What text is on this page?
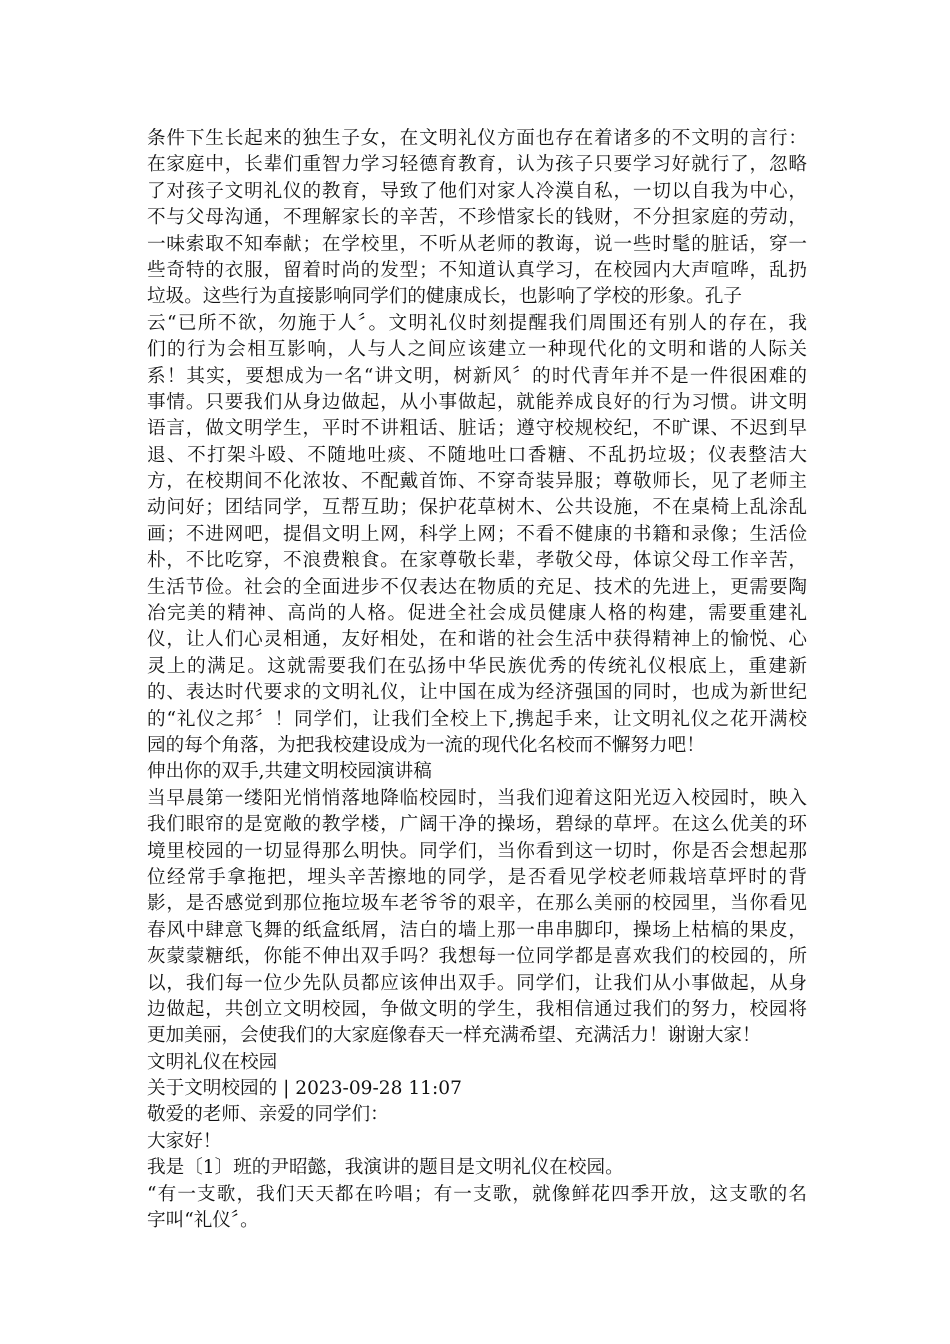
条件下生长起来的独生子女，在文明礼仪方面也存在着诸多的不文明的言行：
在家庭中，长辈们重智力学习轻德育教育，认为孩子只要学习好就行了，忽略
了对孩子文明礼仪的教育，导致了他们对家人冷漠自私，一切以自我为中心，
不与父母沟通，不理解家长的辛苦，不珍惜家长的钱财，不分担家庭的劳动，
一味索取不知奉献；在学校里，不听从老师的教诲，说一些时髦的脏话，穿一
些奇特的衣服，留着时尚的发型；不知道认真学习，在校园内大声喧哗，乱扔
垃圾。这些行为直接影响同学们的健康成长，也影响了学校的形象。孔子
云“已所不欲，勿施于人〞。文明礼仪时刻提醒我们周围还有别人的存在，我
们的行为会相互影响，人与人之间应该建立一种现代化的文明和谐的人际关
系！其实，要想成为一名“讲文明，树新风〞的时代青年并不是一件很困难的
事情。只要我们从身边做起，从小事做起，就能养成良好的行为习惯。讲文明
语言，做文明学生，平时不讲粗话、脏话；遵守校规校纪，不旷课、不迟到早
退、不打架斗殴、不随地吐痰、不随地吐口香糖、不乱扔垃圾；仪表整洁大
方，在校期间不化浓妆、不配戴首饰、不穿奇装异服；尊敬师长，见了老师主
动问好；团结同学，互帮互助；保护花草树木、公共设施，不在桌椅上乱涂乱
画；不进网吧，提倡文明上网，科学上网；不看不健康的书籍和录像；生活俭
朴，不比吃穿，不浪费粮食。在家尊敬长辈，孝敬父母，体谅父母工作辛苦，
生活节俭。社会的全面进步不仅表达在物质的充足、技术的先进上，更需要陶
冶完美的精神、高尚的人格。促进全社会成员健康人格的构建，需要重建礼
仪，让人们心灵相通，友好相处，在和谐的社会生活中获得精神上的愉悦、心
灵上的满足。这就需要我们在弘扬中华民族优秀的传统礼仪根底上，重建新
的、表达时代要求的文明礼仪，让中国在成为经济强国的同时，也成为新世纪
的“礼仪之邦〞！同学们，让我们全校上下,携起手来，让文明礼仪之花开满校
园的每个角落，为把我校建设成为一流的现代化名校而不懈努力吧！
伸出你的双手,共建文明校园演讲稿
当早晨第一缕阳光悄悄落地降临校园时，当我们迎着这阳光迈入校园时，映入
我们眼帘的是宽敞的教学楼，广阔干净的操场，碧绿的草坪。在这么优美的环
境里校园的一切显得那么明快。同学们，当你看到这一切时，你是否会想起那
位经常手拿拖把，埋头辛苦擦地的同学，是否看见学校老师栽培草坪时的背
影，是否感觉到那位拖垃圾车老爷爷的艰辛，在那么美丽的校园里，当你看见
春风中肆意飞舞的纸盒纸屑，洁白的墙上那一串串脚印，操场上枯槁的果皮，
灰蒙蒙糖纸，你能不伸出双手吗？我想每一位同学都是喜欢我们的校园的，所
以，我们每一位少先队员都应该伸出双手。同学们，让我们从小事做起，从身
边做起，共创立文明校园，争做文明的学生，我相信通过我们的努力，校园将
更加美丽，会使我们的大家庭像春天一样充满希望、充满活力！谢谢大家！
文明礼仪在校园
关于文明校园的 | 2023-09-28 11:07
敬爱的老师、亲爱的同学们：
大家好！
我是〔1〕班的尹昭懿，我演讲的题目是文明礼仪在校园。
“有一支歌，我们天天都在吟唱；有一支歌，就像鲜花四季开放，这支歌的名
字叫“礼仪〞。
